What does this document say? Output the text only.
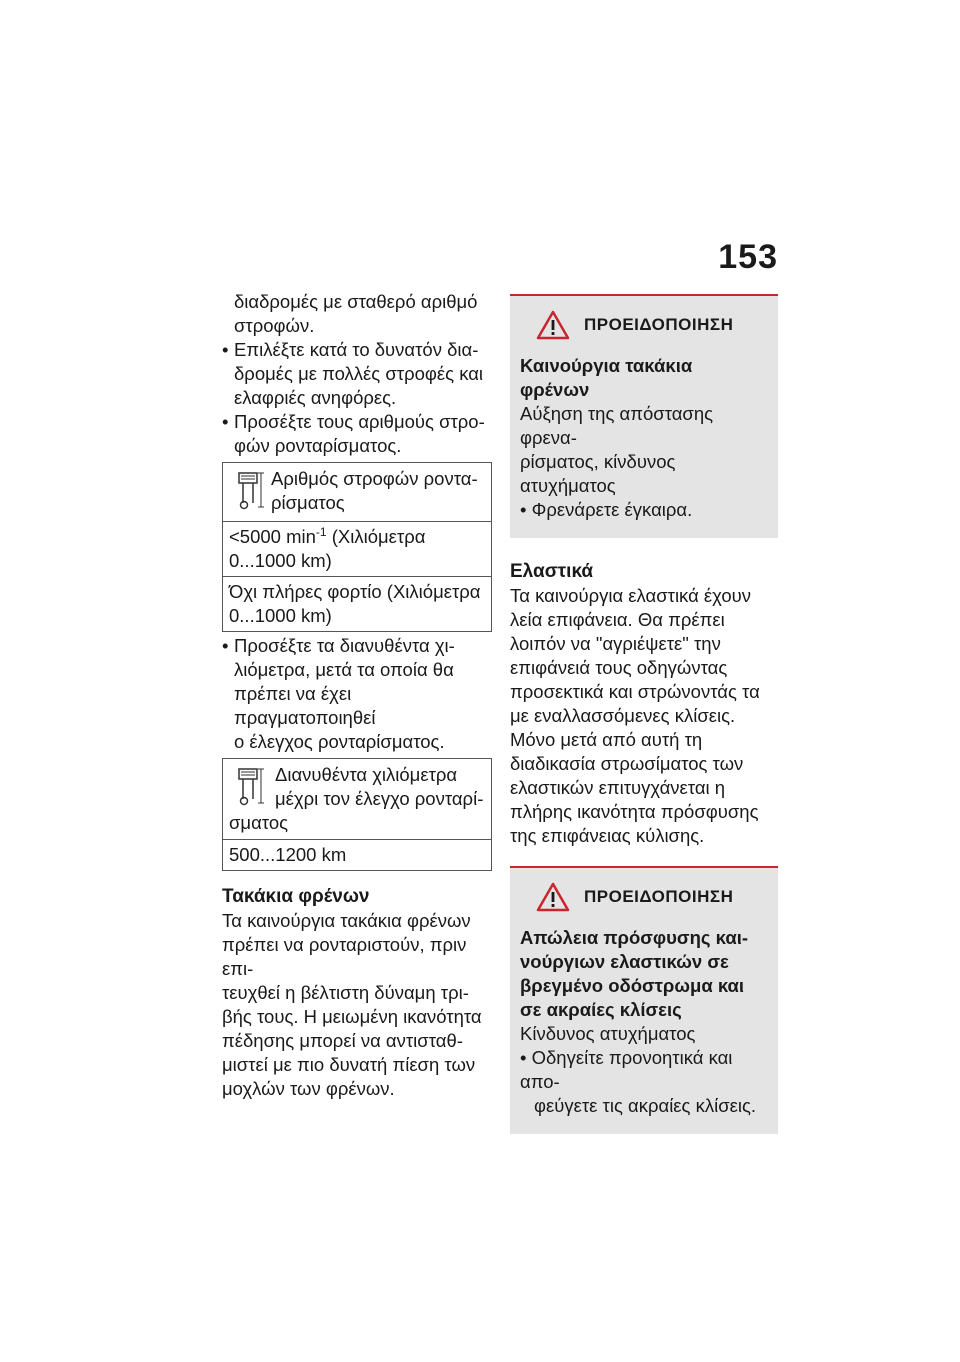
153

διαδρομές με σταθερό αριθμό

στροφών.

• Επιλέξτε κατά το δυνατόν δια-
δρομές με πολλές στροφές και
ελαφριές ανηφόρες.
• Προσέξτε τους αριθμούς στρο-
φών ρονταρίσματος.
Αριθμός στροφών ροντα-
ρίσματος
<5000 $\min^{-1} (X\iota\lambda\iota ό\mu\varepsilon\tau\rho\alpha$
0...1000 km)
Όχι πλήρες φορτίο (Χιλιόμετρα
0...1000 km)
• Προσέξτε τα διανυθέντα χι-
λιόμετρα, μετά τα οποία θα
πρέπει να έχει πραγματοποιηθεί
ο έλεγχος ρονταρίσματος.
Διανυθέντα χιλιόμετρα
μέχρι τον έλεγχο ρονταρί-
σματος
500...1200 km
Τακάκια φρένων

Τα καινούργια τακάκια φρένων

πρέπει να ρονταριστούν, πριν επι-

τευχθεί η βέλτιστη δύναμη τρι-

βής τους. Η μειωμένη ικανότητα

πέδησης μπορεί να αντισταθ-

μιστεί με πιο δυνατή πίεση των

μοχλών των φρένων.

ΠΡΟΕΙΔΟΠΟΙΗΣΗ
Καινούργια τακάκια
φρένων

Αύξηση της απόστασης φρενα-

ρίσματος, κίνδυνος ατυχήματος

• Φρενάρετε έγκαιρα.

Ελαστικά

Τα καινούργια ελαστικά έχουν

λεία επιφάνεια. Θα πρέπει

λοιπόν να "αγριέψετε" την

επιφάνειά τους οδηγώντας

προσεκτικά και στρώνοντάς τα

με εναλλασσόμενες κλίσεις.

Μόνο μετά από αυτή τη

διαδικασία στρωσίματος των

ελαστικών επιτυγχάνεται η

πλήρης ικανότητα πρόσφυσης

της επιφάνειας κύλισης.

ΠΡΟΕΙΔΟΠΟΙΗΣΗ
Απώλεια πρόσφυσης και-
νούργιων ελαστικών σε
βρεγμένο οδόστρωμα και
σε ακραίες κλίσεις

Κίνδυνος ατυχήματος

• Οδηγείτε προνοητικά και απο-

φεύγετε τις ακραίες κλίσεις.
